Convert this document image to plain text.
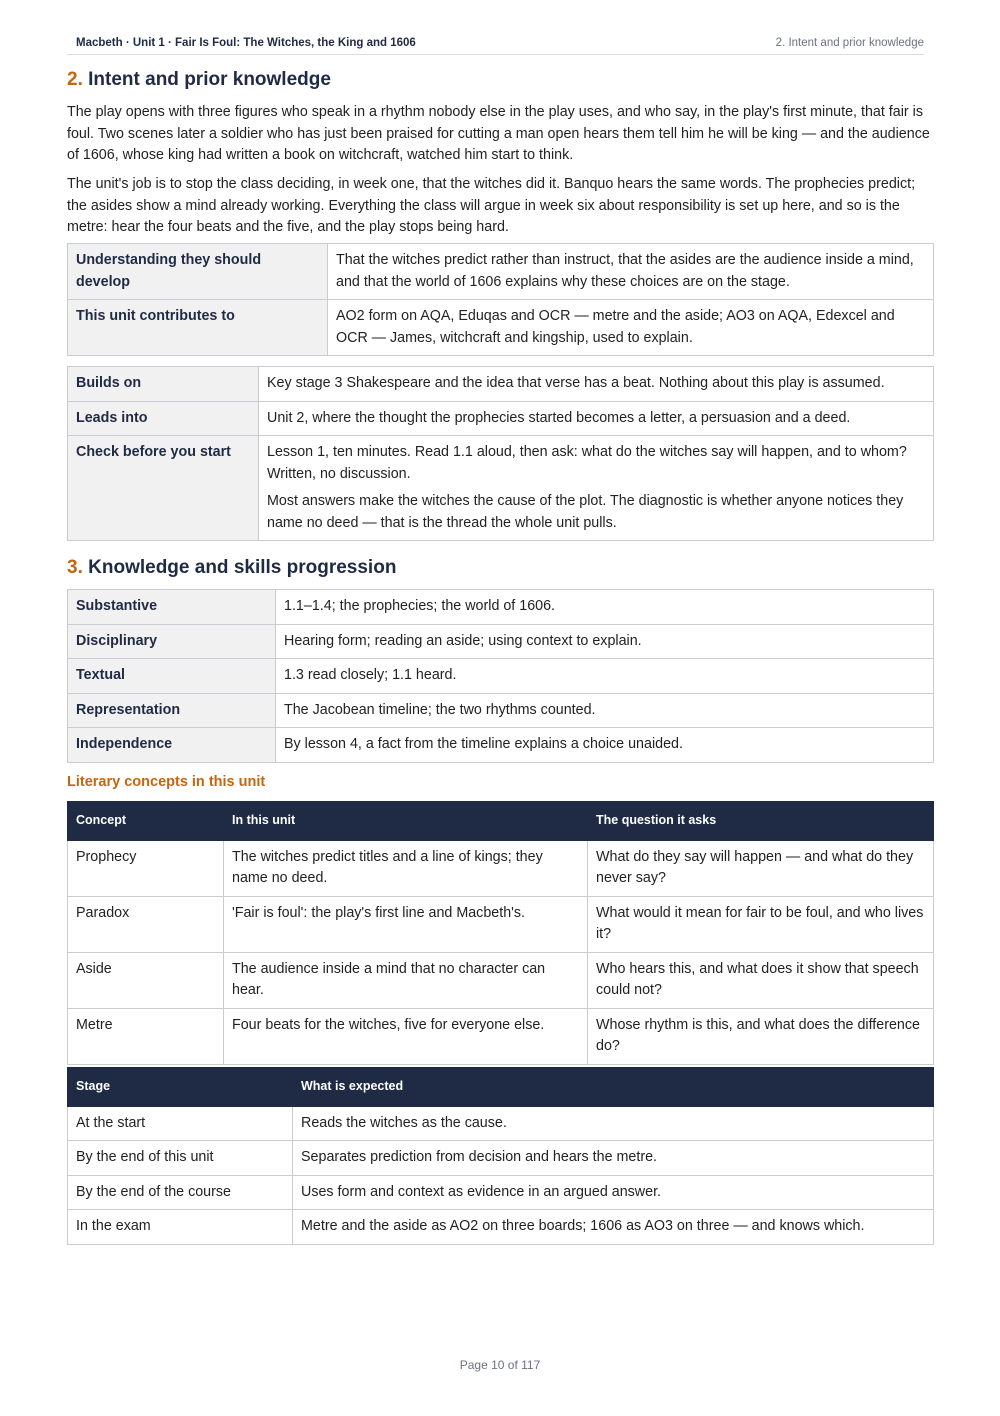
Macbeth · Unit 1 · Fair Is Foul: The Witches, the King and 1606	2. Intent and prior knowledge
2. Intent and prior knowledge

The play opens with three figures who speak in a rhythm nobody else in the play uses, and who say, in the play's first minute, that fair is foul. Two scenes later a soldier who has just been praised for cutting a man open hears them tell him he will be king — and the audience of 1606, whose king had written a book on witchcraft, watched him start to think.

The unit's job is to stop the class deciding, in week one, that the witches did it. Banquo hears the same words. The prophecies predict; the asides show a mind already working. Everything the class will argue in week six about responsibility is set up here, and so is the metre: hear the four beats and the five, and the play stops being hard.

Understanding they should develop	That the witches predict rather than instruct, that the asides are the audience inside a mind, and that the world of 1606 explains why these choices are on the stage.
This unit contributes to	AO2 form on AQA, Eduqas and OCR — metre and the aside; AO3 on AQA, Edexcel and OCR — James, witchcraft and kingship, used to explain.
Builds on	Key stage 3 Shakespeare and the idea that verse has a beat. Nothing about this play is assumed.
Leads into	Unit 2, where the thought the prophecies started becomes a letter, a persuasion and a deed.
Check before you start	Lesson 1, ten minutes. Read 1.1 aloud, then ask: what do the witches say will happen, and to whom? Written, no discussion.

Most answers make the witches the cause of the plot. The diagnostic is whether anyone notices they name no deed — that is the thread the whole unit pulls.

3. Knowledge and skills progression
Substantive	1.1–1.4; the prophecies; the world of 1606.
Disciplinary	Hearing form; reading an aside; using context to explain.
Textual	1.3 read closely; 1.1 heard.
Representation	The Jacobean timeline; the two rhythms counted.
Independence	By lesson 4, a fact from the timeline explains a choice unaided.
Literary concepts in this unit
Concept	In this unit	The question it asks
Prophecy	The witches predict titles and a line of kings; they name no deed.	What do they say will happen — and what do they never say?
Paradox	'Fair is foul': the play's first line and Macbeth's.	What would it mean for fair to be foul, and who lives it?
Aside	The audience inside a mind that no character can hear.	Who hears this, and what does it show that speech could not?
Metre	Four beats for the witches, five for everyone else.	Whose rhythm is this, and what does the difference do?
Stage	What is expected
At the start	Reads the witches as the cause.
By the end of this unit	Separates prediction from decision and hears the metre.
By the end of the course	Uses form and context as evidence in an argued answer.
In the exam	Metre and the aside as AO2 on three boards; 1606 as AO3 on three — and knows which.
Page 10 of 117
